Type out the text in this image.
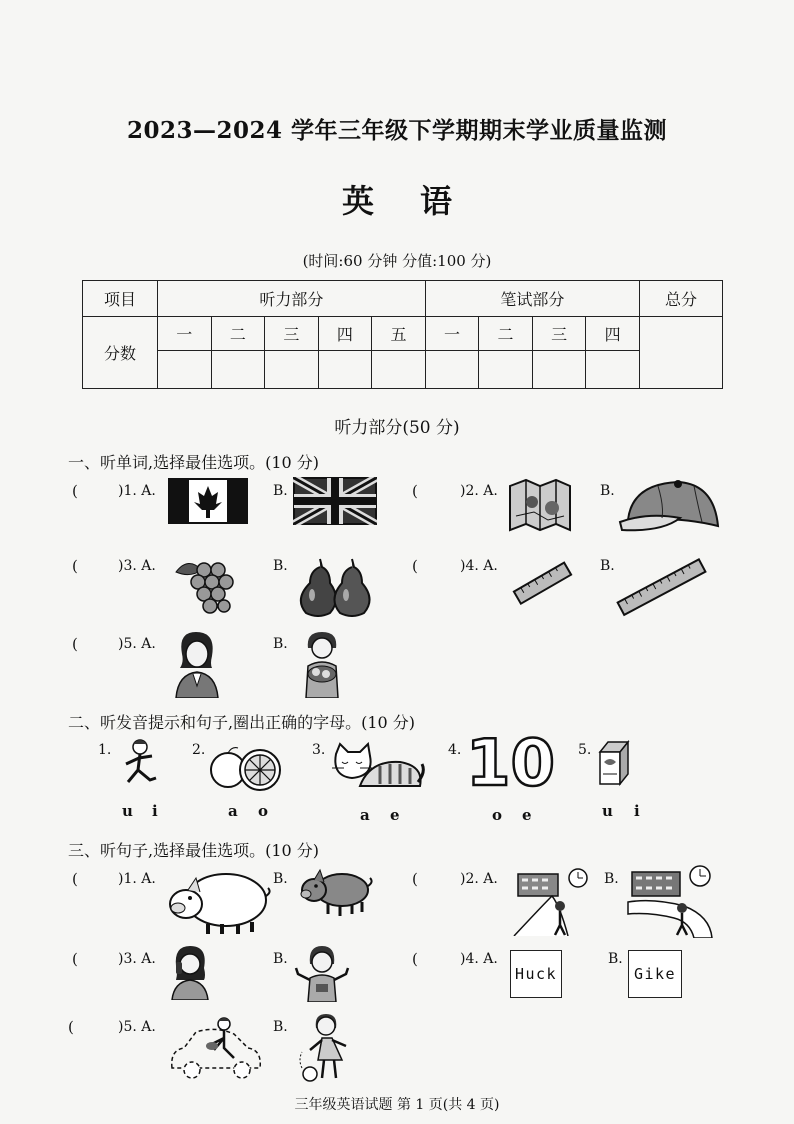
2023—2024 学年三年级下学期期末学业质量监测
英语
(时间:60 分钟 分值:100 分)
项目	听力部分					笔试部分				总分
分数	一	二	三	四	五	一	二	三	四	

听力部分(50 分)
一、听单词,选择最佳选项。(10 分)
(	)1. A.	B.	(	)2. A.	B.
(	)3. A.	B.	(	)4. A.	B.
(	)5. A.	B.
二、听发音提示和句子,圈出正确的字母。(10 分)
1.
u i
2.
a o
3.
a e
4. 10
o e
5.
u i
三、听句子,选择最佳选项。(10 分)
(	)1. A.	B.	(	)2. A.	B.
(	)3. A.	B.	(	)4. A.
Huck
B.
Gike
(	)5. A.	B.
三年级英语试题 第 1 页(共 4 页)
